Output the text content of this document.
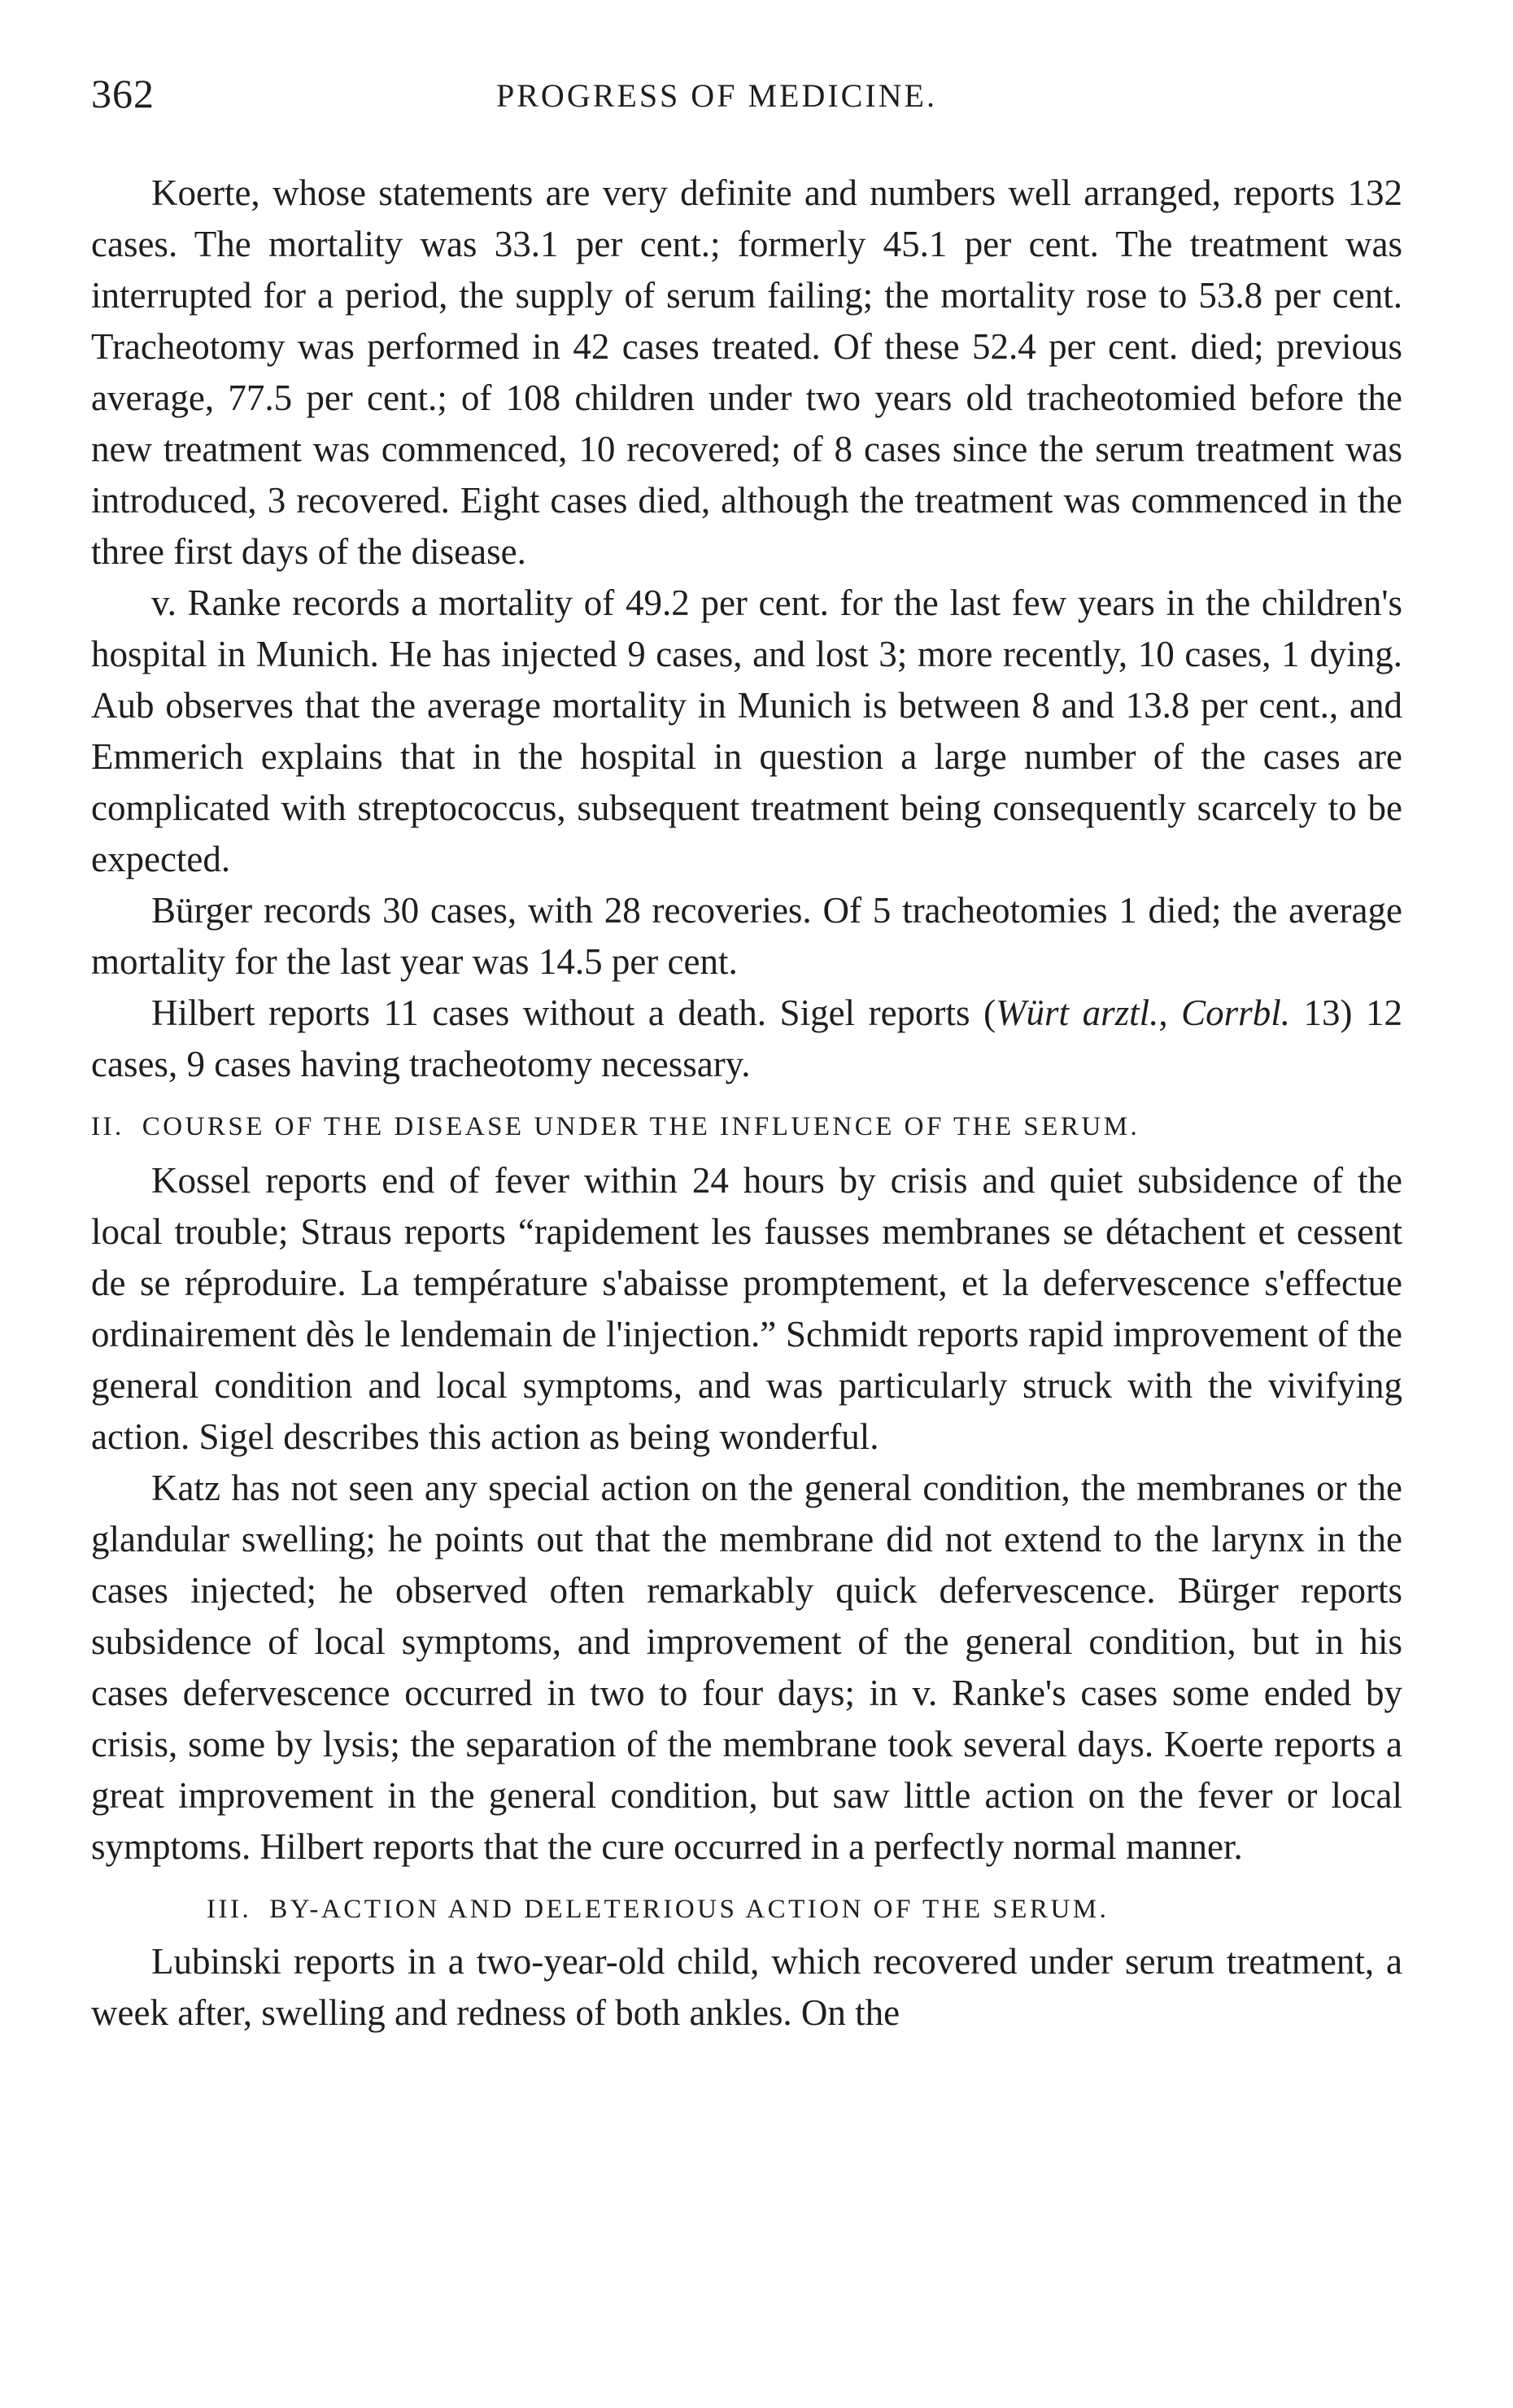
362	PROGRESS OF MEDICINE.

Koerte, whose statements are very definite and numbers well arranged, reports 132 cases. The mortality was 33.1 per cent.; formerly 45.1 per cent. The treatment was interrupted for a period, the supply of serum failing; the mortality rose to 53.8 per cent. Tracheotomy was performed in 42 cases treated. Of these 52.4 per cent. died; previous average, 77.5 per cent.; of 108 children under two years old tracheotomied before the new treatment was commenced, 10 recovered; of 8 cases since the serum treatment was introduced, 3 recovered. Eight cases died, although the treatment was commenced in the three first days of the disease.

v. Ranke records a mortality of 49.2 per cent. for the last few years in the children's hospital in Munich. He has injected 9 cases, and lost 3; more recently, 10 cases, 1 dying. Aub observes that the average mortality in Munich is between 8 and 13.8 per cent., and Emmerich explains that in the hospital in question a large number of the cases are complicated with streptococcus, subsequent treatment being consequently scarcely to be expected.

Bürger records 30 cases, with 28 recoveries. Of 5 tracheotomies 1 died; the average mortality for the last year was 14.5 per cent.

Hilbert reports 11 cases without a death. Sigel reports (Würt arztl., Corrbl. 13) 12 cases, 9 cases having tracheotomy necessary.

II. COURSE OF THE DISEASE UNDER THE INFLUENCE OF THE SERUM.

Kossel reports end of fever within 24 hours by crisis and quiet subsidence of the local trouble; Straus reports “rapidement les fausses membranes se détachent et cessent de se réproduire. La température s'abaisse promptement, et la defervescence s'effectue ordinairement dès le lendemain de l'injection.” Schmidt reports rapid improvement of the general condition and local symptoms, and was particularly struck with the vivifying action. Sigel describes this action as being wonderful.

Katz has not seen any special action on the general condition, the membranes or the glandular swelling; he points out that the membrane did not extend to the larynx in the cases injected; he observed often remarkably quick defervescence. Bürger reports subsidence of local symptoms, and improvement of the general condition, but in his cases defervescence occurred in two to four days; in v. Ranke's cases some ended by crisis, some by lysis; the separation of the membrane took several days. Koerte reports a great improvement in the general condition, but saw little action on the fever or local symptoms. Hilbert reports that the cure occurred in a perfectly normal manner.

III. BY-ACTION AND DELETERIOUS ACTION OF THE SERUM.

Lubinski reports in a two-year-old child, which recovered under serum treatment, a week after, swelling and redness of both ankles. On the
